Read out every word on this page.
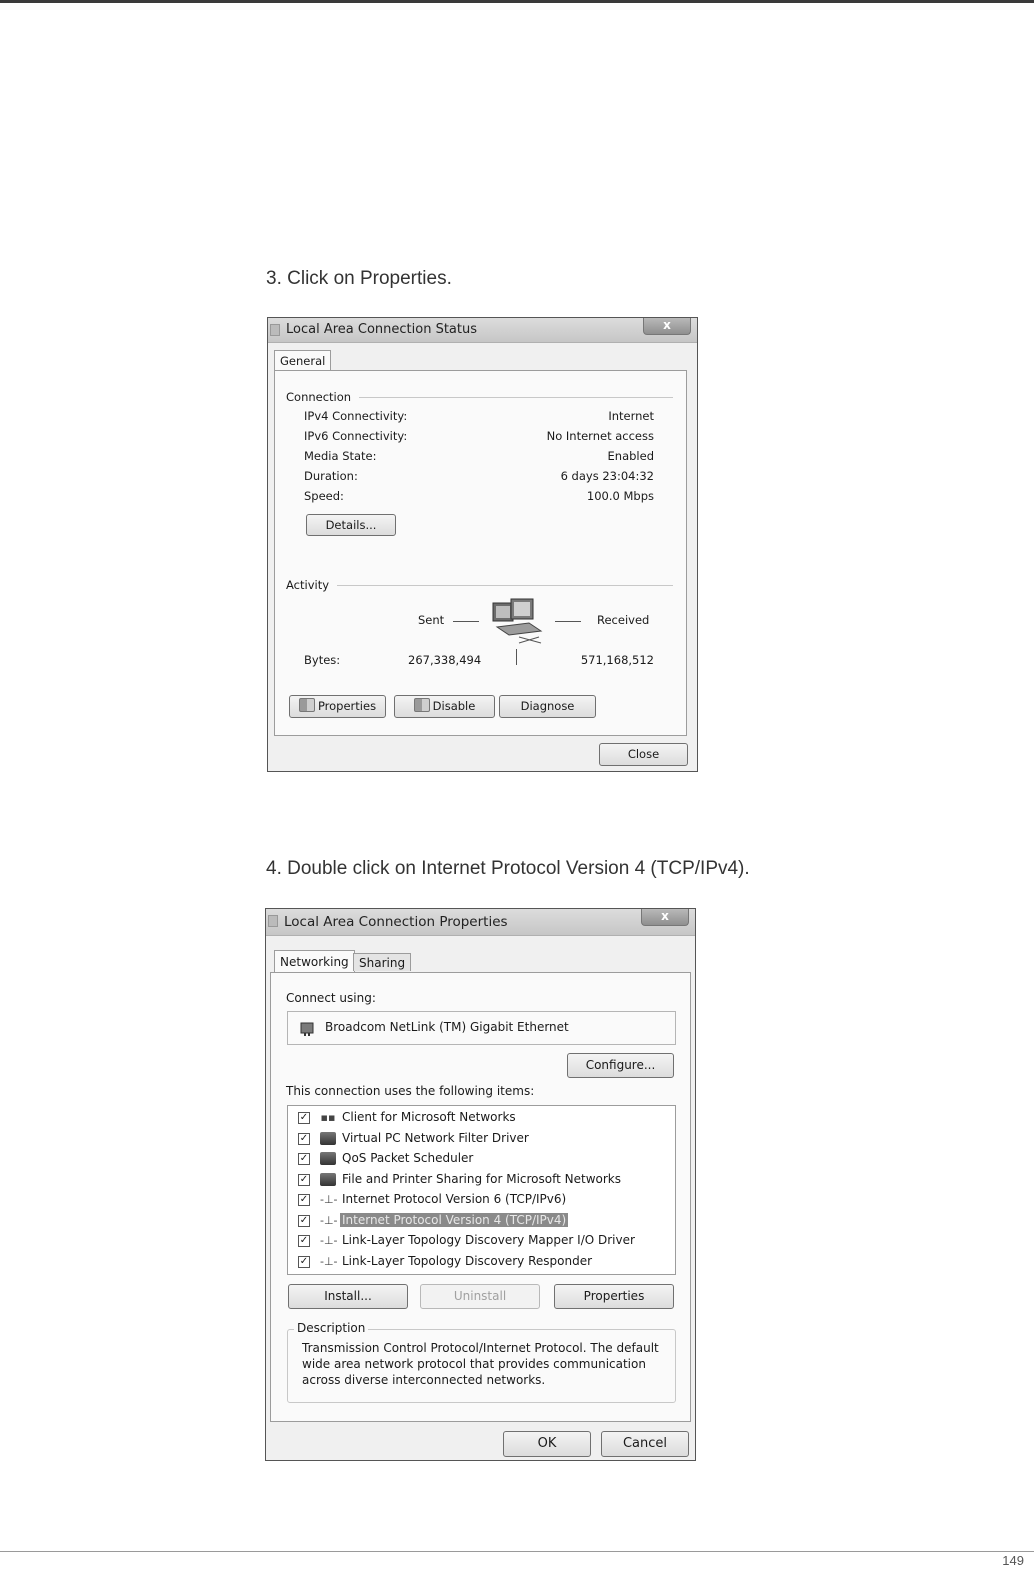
3. Click on Properties.
Local Area Connection Status	x
General
Connection
IPv4 Connectivity:	Internet
IPv6 Connectivity:	No Internet access
Media State:	Enabled
Duration:	6 days 23:04:32
Speed:	100.0 Mbps
Details...
Activity
Sent	Received
Bytes:	267,338,494	571,168,512
Properties	Disable	Diagnose
Close
4. Double click on Internet Protocol Version 4 (TCP/IPv4).
Local Area Connection Properties	x
Networking Sharing
Connect using:
Broadcom NetLink (TM) Gigabit Ethernet
Configure...
This connection uses the following items:
✓ ▪▪ Client for Microsoft Networks
✓	Virtual PC Network Filter Driver
✓	QoS Packet Scheduler
✓	File and Printer Sharing for Microsoft Networks
✓ -⊥- Internet Protocol Version 6 (TCP/IPv6)
✓ -⊥- Internet Protocol Version 4 (TCP/IPv4)
✓ -⊥- Link-Layer Topology Discovery Mapper I/O Driver
✓ -⊥- Link-Layer Topology Discovery Responder
Install...	Uninstall	Properties
Description
Transmission Control Protocol/Internet Protocol. The default
wide area network protocol that provides communication
across diverse interconnected networks.
OK	Cancel
149
